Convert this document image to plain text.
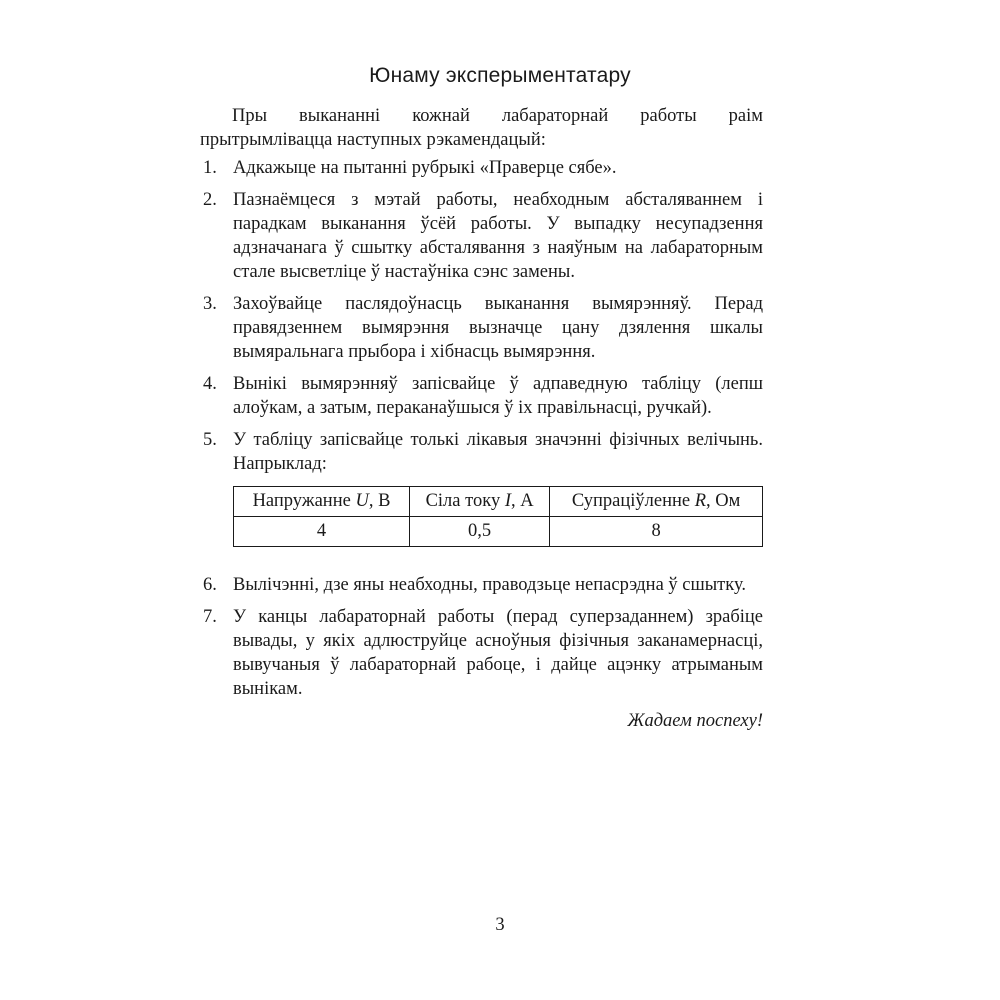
Юнаму эксперыментатару

Пры выкананні кожнай лабараторнай работы раім прытрымлівацца наступных рэкамендацый:

1. Адкажыце на пытанні рубрыкі «Праверце сябе».
2. Пазнаёмцеся з мэтай работы, неабходным абсталяваннем і парадкам выканання ўсёй работы. У выпадку несупадзення адзначанага ў сшытку абсталявання з наяўным на лабараторным стале высветліце ў настаўніка сэнс замены.
3. Захоўвайце паслядоўнасць выканання вымярэнняў. Перад правядзеннем вымярэння вызначце цану дзялення шкалы вымяральнага прыбора і хібнасць вымярэння.
4. Вынікі вымярэнняў запісвайце ў адпаведную табліцу (лепш алоўкам, а затым, пераканаўшыся ў іх правільнасці, ручкай).
5. У табліцу запісвайце толькі лікавыя значэнні фізічных велічынь. Напрыклад:
Напружанне U, В	Сіла току I, А	Супраціўленне R, Ом
4	0,5	8
6. Вылічэнні, дзе яны неабходны, праводзьце непасрэдна ў сшытку.
7. У канцы лабараторнай работы (перад суперзаданнем) зрабіце вывады, у якіх адлюструйце асноўныя фізічныя заканамернасці, вывучаныя ў лабараторнай рабоце, і дайце ацэнку атрыманым вынікам.
Жадаем поспеху!
3
